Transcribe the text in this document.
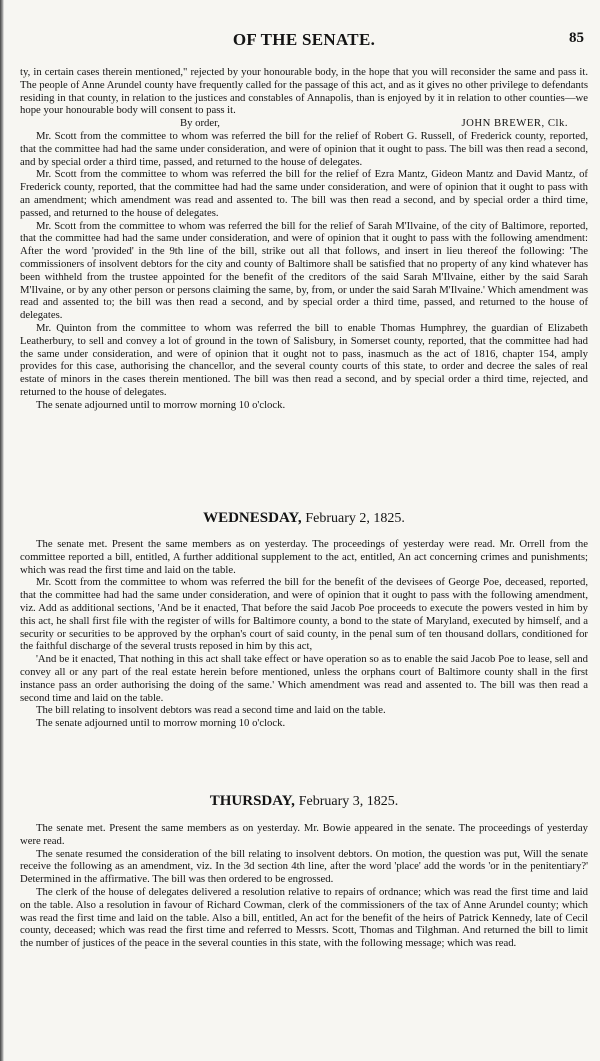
OF THE SENATE.	85

ty, in certain cases therein mentioned," rejected by your honourable body, in the hope that you will reconsider the same and pass it. The people of Anne Arundel county have frequently called for the passage of this act, and as it gives no other privilege to defendants residing in that county, in relation to the justices and constables of Annapolis, than is enjoyed by it in relation to other counties—we hope your honourable body will consent to pass it.

By order,	JOHN BREWER, Clk.

Mr. Scott from the committee to whom was referred the bill for the relief of Robert G. Russell, of Frederick county, reported, that the committee had had the same under consideration, and were of opinion that it ought to pass. The bill was then read a second, and by special order a third time, passed, and returned to the house of delegates.

Mr. Scott from the committee to whom was referred the bill for the relief of Ezra Mantz, Gideon Mantz and David Mantz, of Frederick county, reported, that the committee had had the same under consideration, and were of opinion that it ought to pass with an amendment; which amendment was read and assented to. The bill was then read a second, and by special order a third time, passed, and returned to the house of delegates.

Mr. Scott from the committee to whom was referred the bill for the relief of Sarah M'Ilvaine, of the city of Baltimore, reported, that the committee had had the same under consideration, and were of opinion that it ought to pass with the following amendment: After the word 'provided' in the 9th line of the bill, strike out all that follows, and insert in lieu thereof the following: 'The commissioners of insolvent debtors for the city and county of Baltimore shall be satisfied that no property of any kind whatever has been withheld from the trustee appointed for the benefit of the creditors of the said Sarah M'Ilvaine, either by the said Sarah M'Ilvaine, or by any other person or persons claiming the same, by, from, or under the said Sarah M'Ilvaine.' Which amendment was read and assented to; the bill was then read a second, and by special order a third time, passed, and returned to the house of delegates.

Mr. Quinton from the committee to whom was referred the bill to enable Thomas Humphrey, the guardian of Elizabeth Leatherbury, to sell and convey a lot of ground in the town of Salisbury, in Somerset county, reported, that the committee had had the same under consideration, and were of opinion that it ought not to pass, inasmuch as the act of 1816, chapter 154, amply provides for this case, authorising the chancellor, and the several county courts of this state, to order and decree the sales of real estate of minors in the cases therein mentioned. The bill was then read a second, and by special order a third time, rejected, and returned to the house of delegates.

The senate adjourned until to morrow morning 10 o'clock.

WEDNESDAY, February 2, 1825.

The senate met. Present the same members as on yesterday. The proceedings of yesterday were read. Mr. Orrell from the committee reported a bill, entitled, A further additional supplement to the act, entitled, An act concerning crimes and punishments; which was read the first time and laid on the table.

Mr. Scott from the committee to whom was referred the bill for the benefit of the devisees of George Poe, deceased, reported, that the committee had had the same under consideration, and were of opinion that it ought to pass with the following amendment, viz. Add as additional sections, 'And be it enacted, That before the said Jacob Poe proceeds to execute the powers vested in him by this act, he shall first file with the register of wills for Baltimore county, a bond to the state of Maryland, executed by himself, and a security or securities to be approved by the orphan's court of said county, in the penal sum of ten thousand dollars, conditioned for the faithful discharge of the several trusts reposed in him by this act,

'And be it enacted, That nothing in this act shall take effect or have operation so as to enable the said Jacob Poe to lease, sell and convey all or any part of the real estate herein before mentioned, unless the orphans court of Baltimore county shall in the first instance pass an order authorising the doing of the same.' Which amendment was read and assented to. The bill was then read a second time and laid on the table.

The bill relating to insolvent debtors was read a second time and laid on the table.

The senate adjourned until to morrow morning 10 o'clock.

THURSDAY, February 3, 1825.

The senate met. Present the same members as on yesterday. Mr. Bowie appeared in the senate. The proceedings of yesterday were read.

The senate resumed the consideration of the bill relating to insolvent debtors. On motion, the question was put, Will the senate receive the following as an amendment, viz. In the 3d section 4th line, after the word 'place' add the words 'or in the penitentiary?' Determined in the affirmative. The bill was then ordered to be engrossed.

The clerk of the house of delegates delivered a resolution relative to repairs of ordnance; which was read the first time and laid on the table. Also a resolution in favour of Richard Cowman, clerk of the commissioners of the tax of Anne Arundel county; which was read the first time and laid on the table. Also a bill, entitled, An act for the benefit of the heirs of Patrick Kennedy, late of Cecil county, deceased; which was read the first time and referred to Messrs. Scott, Thomas and Tilghman. And returned the bill to limit the number of justices of the peace in the several counties in this state, with the following message; which was read.
